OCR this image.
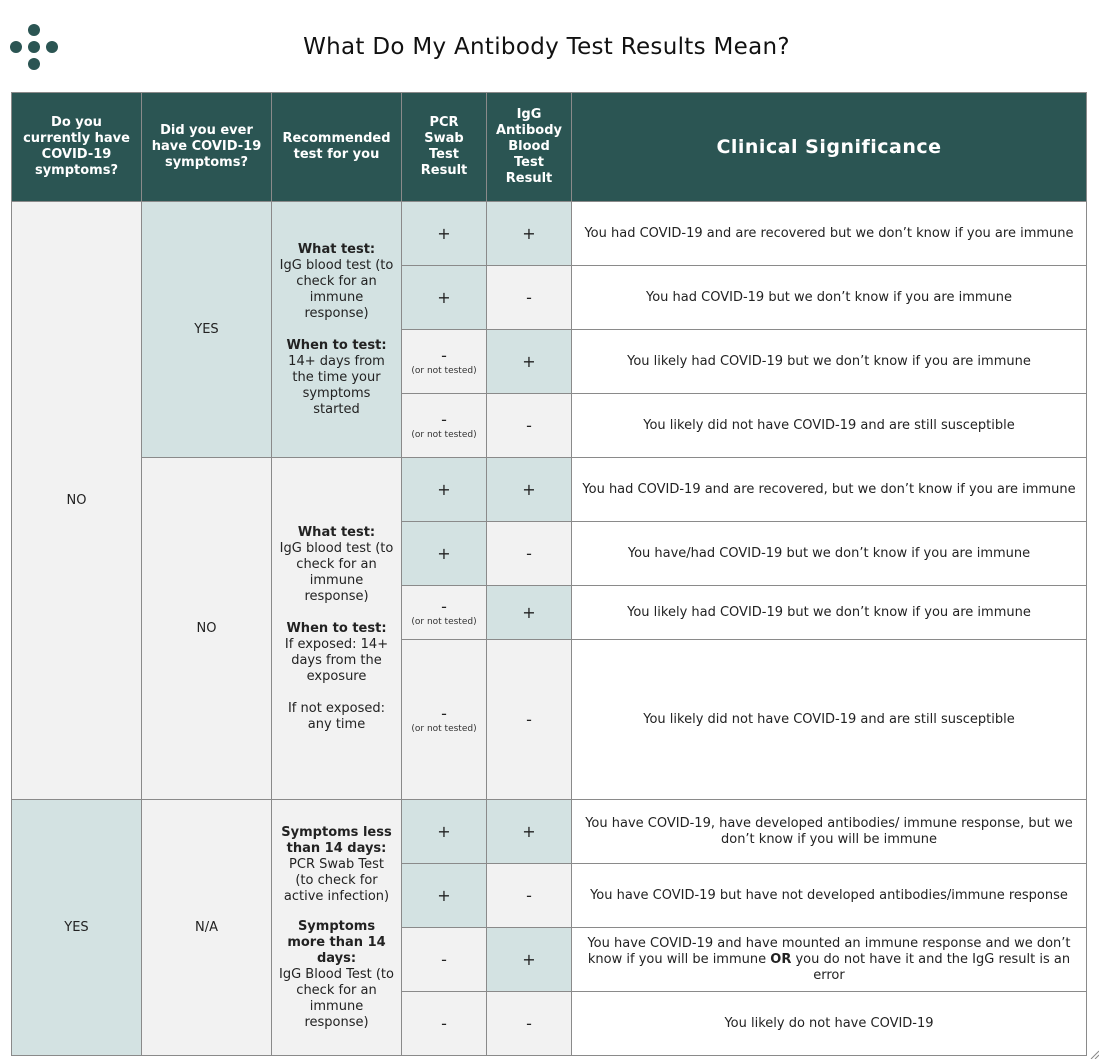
What Do My Antibody Test Results Mean?
Do you currently have COVID-19 symptoms?	Did you ever have COVID-19 symptoms?	Recommended test for you	PCR Swab Test Result	IgG Antibody Blood Test Result	Clinical Significance
NO	YES	What test:
IgG blood test (to check for an immune response)
When to test:
14+ days from the time your symptoms started	+	+	You had COVID-19 and are recovered but we don’t know if you are immune

			+	-	You had COVID-19 but we don’t know if you are immune

			-
(or not tested)	+	You likely had COVID-19 but we don’t know if you are immune

			-
(or not tested)	-	You likely did not have COVID-19 and are still susceptible
	NO	What test:
IgG blood test (to check for an immune response)
When to test:
If exposed: 14+ days from the exposure
If not exposed: any time	+	+	You had COVID-19 and are recovered, but we don’t know if you are immune

			+	-	You have/had COVID-19 but we don’t know if you are immune

			-
(or not tested)	+	You likely had COVID-19 but we don’t know if you are immune

			-
(or not tested)	-	You likely did not have COVID-19 and are still susceptible
YES	N/A	Symptoms less than 14 days:
PCR Swab Test (to check for active infection)
Symptoms more than 14 days:
IgG Blood Test (to check for an immune response)	+	+	You have COVID-19, have developed antibodies/ immune response, but we don’t know if you will be immune

			+	-	You have COVID-19 but have not developed antibodies/immune response

			-	+	You have COVID-19 and have mounted an immune response and we don’t know if you will be immune OR you do not have it and the IgG result is an error

			-	-	You likely do not have COVID-19
